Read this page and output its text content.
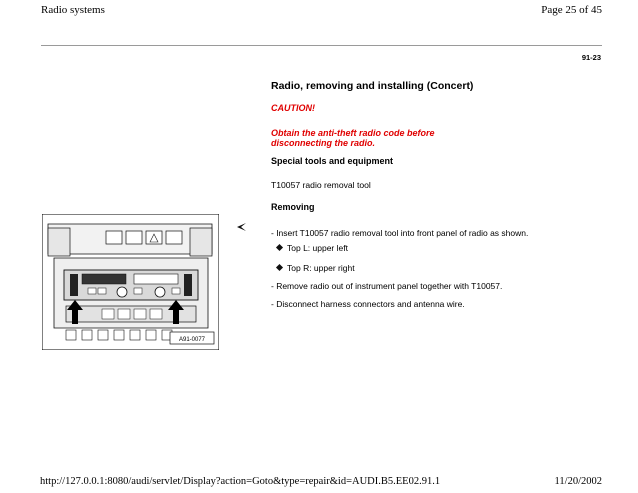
Radio systems	Page 25 of 45
91-23
Radio, removing and installing (Concert)
CAUTION!
Obtain the anti-theft radio code before
disconnecting the radio.
Special tools and equipment
T10057 radio removal tool
Removing
- Insert T10057 radio removal tool into front panel of radio as shown.
Top L: upper left
Top R: upper right
- Remove radio out of instrument panel together with T10057.
- Disconnect harness connectors and antenna wire.
A91-0077
http://127.0.0.1:8080/audi/servlet/Display?action=Goto&type=repair&id=AUDI.B5.EE02.91.1	11/20/2002
